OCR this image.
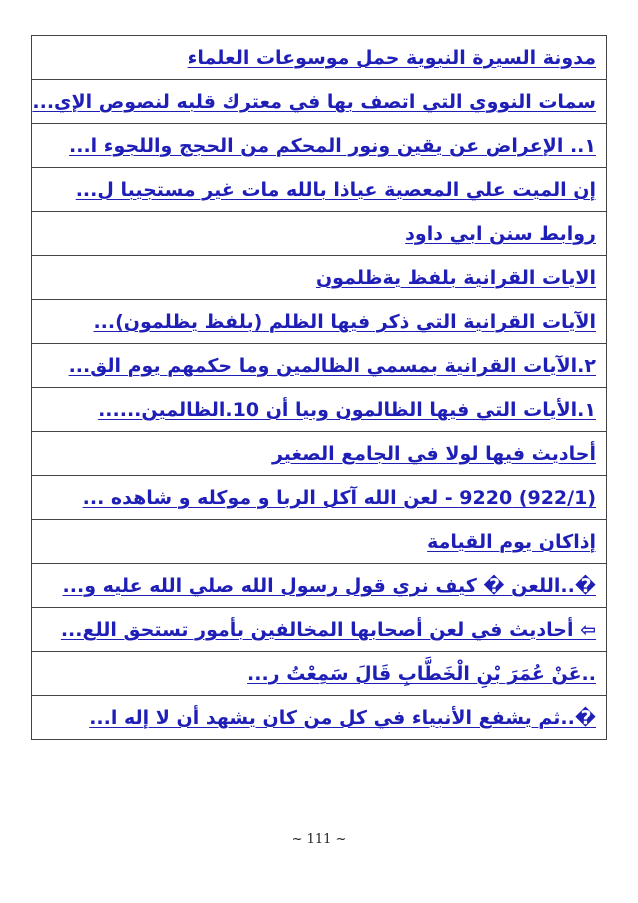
مدونة السيرة النبوية حمل موسوعات العلماء
سمات النووي التي اتصف بها في معترك قلبه لنصوص الإي...
١.. الإعراض عن يقين ونور المحكم من الحجج واللجوء ا...
إن الميت علي المعصية عياذا بالله مات غير مستجيبا ل...
روابط سنن ابي داود
الايات القرانية بلفظ يةظلمون
الآيات القرانية التي ذكر فيها الظلم (بلفظ يظلمون)...
٢.الآيات القرانية بمسمي الظالمين وما حكمهم يوم الق...
١.الأيات التي فيها الظالمون وبيا أن 10.الظالمين......
أحاديث فيها لولا في الجامع الصغير
(922/1) 9220 - لعن الله آكل الربا و موكله و شاهده ...
إذاكان يوم القيامة
�..اللعن � كيف نري قول رسول الله صلي الله عليه و...
⇦ أحاديث في لعن أصحابها المخالفين بأمور تستحق اللع...
..عَنْ عُمَرَ بْنِ الْخَطَّابِ قَالَ سَمِعْتُ ر...
�..ثم يشفع الأنبياء في كل من كان يشهد أن لا إله ا...
~ 111 ~
